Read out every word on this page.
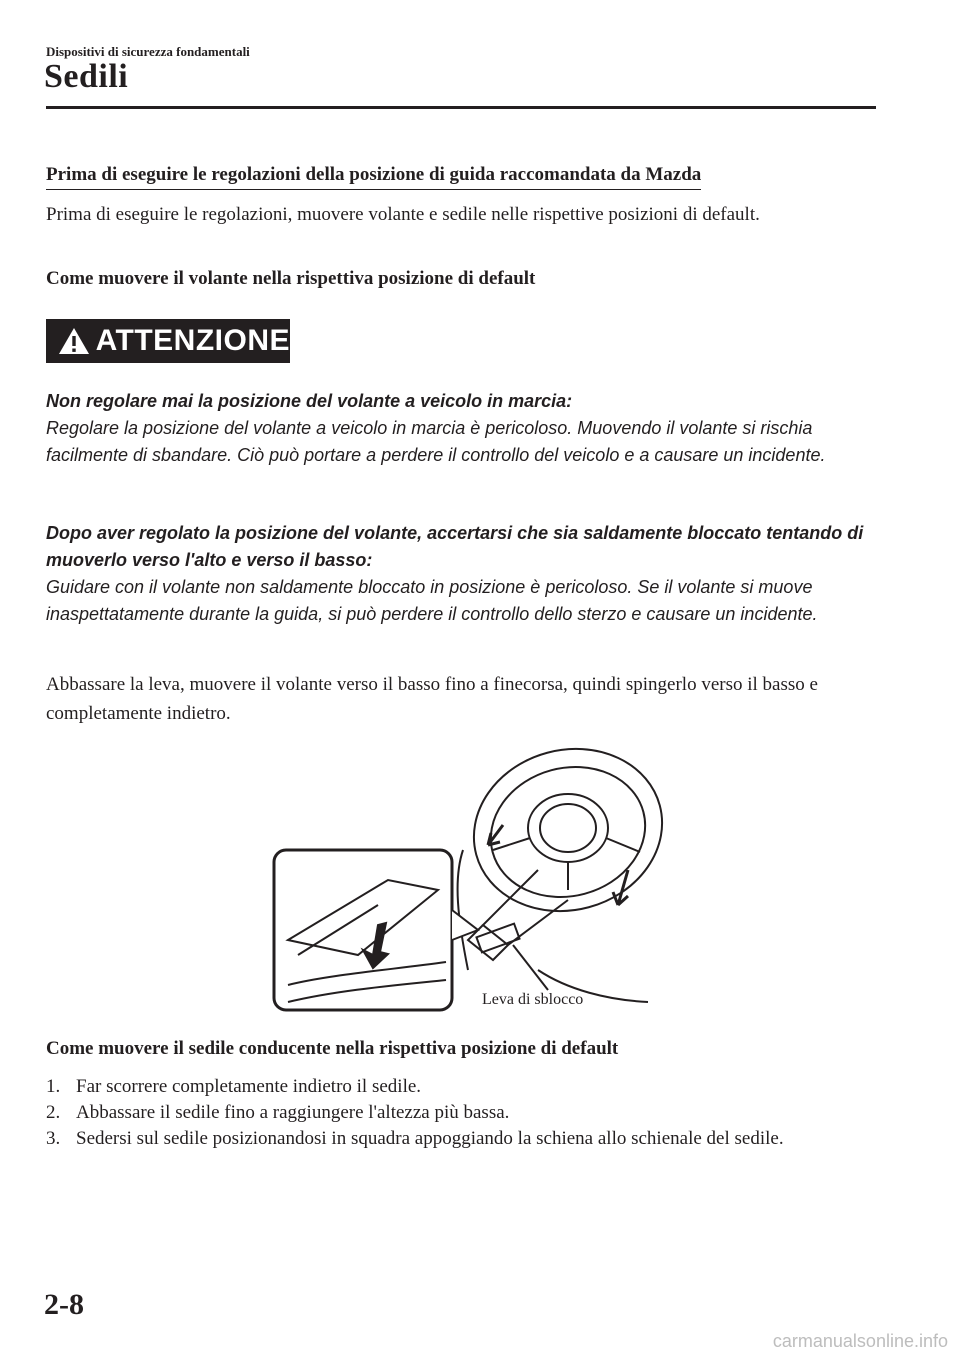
Dispositivi di sicurezza fondamentali
Sedili
Prima di eseguire le regolazioni della posizione di guida raccomandata da Mazda
Prima di eseguire le regolazioni, muovere volante e sedile nelle rispettive posizioni di default.
Come muovere il volante nella rispettiva posizione di default
ATTENZIONE
Non regolare mai la posizione del volante a veicolo in marcia:
Regolare la posizione del volante a veicolo in marcia è pericoloso. Muovendo il volante si rischia facilmente di sbandare. Ciò può portare a perdere il controllo del veicolo e a causare un incidente.
Dopo aver regolato la posizione del volante, accertarsi che sia saldamente bloccato tentando di muoverlo verso l'alto e verso il basso:
Guidare con il volante non saldamente bloccato in posizione è pericoloso. Se il volante si muove inaspettatamente durante la guida, si può perdere il controllo dello sterzo e causare un incidente.
Abbassare la leva, muovere il volante verso il basso fino a finecorsa, quindi spingerlo verso il basso e completamente indietro.
Leva di sblocco
Come muovere il sedile conducente nella rispettiva posizione di default
1. Far scorrere completamente indietro il sedile.
2. Abbassare il sedile fino a raggiungere l'altezza più bassa.
3. Sedersi sul sedile posizionandosi in squadra appoggiando la schiena allo schienale del sedile.
2-8
carmanualsonline.info
